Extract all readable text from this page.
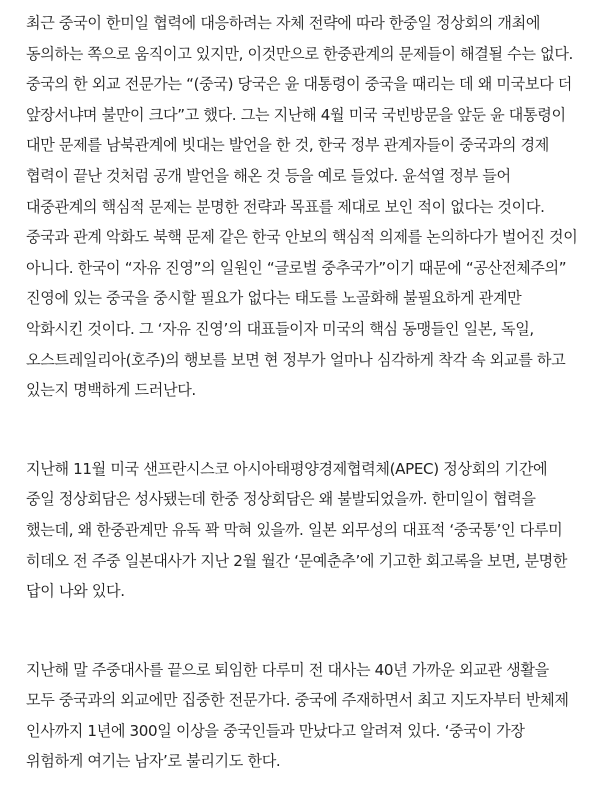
최근 중국이 한미일 협력에 대응하려는 자체 전략에 따라 한중일 정상회의 개최에
동의하는 쪽으로 움직이고 있지만, 이것만으로 한중관계의 문제들이 해결될 수는 없다.
중국의 한 외교 전문가는 “(중국) 당국은 윤 대통령이 중국을 때리는 데 왜 미국보다 더
앞장서냐며 불만이 크다”고 했다. 그는 지난해 4월 미국 국빈방문을 앞둔 윤 대통령이
대만 문제를 남북관계에 빗대는 발언을 한 것, 한국 정부 관계자들이 중국과의 경제
협력이 끝난 것처럼 공개 발언을 해온 것 등을 예로 들었다. 윤석열 정부 들어
대중관계의 핵심적 문제는 분명한 전략과 목표를 제대로 보인 적이 없다는 것이다.
중국과 관계 악화도 북핵 문제 같은 한국 안보의 핵심적 의제를 논의하다가 벌어진 것이
아니다. 한국이 “자유 진영”의 일원인 “글로벌 중추국가”이기 때문에 “공산전체주의”
진영에 있는 중국을 중시할 필요가 없다는 태도를 노골화해 불필요하게 관계만
악화시킨 것이다. 그 ‘자유 진영’의 대표들이자 미국의 핵심 동맹들인 일본, 독일,
오스트레일리아(호주)의 행보를 보면 현 정부가 얼마나 심각하게 착각 속 외교를 하고
있는지 명백하게 드러난다.
지난해 11월 미국 샌프란시스코 아시아태평양경제협력체(APEC) 정상회의 기간에
중일 정상회담은 성사됐는데 한중 정상회담은 왜 불발되었을까. 한미일이 협력을
했는데, 왜 한중관계만 유독 꽉 막혀 있을까. 일본 외무성의 대표적 ‘중국통’인 다루미
히데오 전 주중 일본대사가 지난 2월 월간 ‘문예춘추’에 기고한 회고록을 보면, 분명한
답이 나와 있다.
지난해 말 주중대사를 끝으로 퇴임한 다루미 전 대사는 40년 가까운 외교관 생활을
모두 중국과의 외교에만 집중한 전문가다. 중국에 주재하면서 최고 지도자부터 반체제
인사까지 1년에 300일 이상을 중국인들과 만났다고 알려져 있다. ‘중국이 가장
위험하게 여기는 남자’로 불리기도 한다.
